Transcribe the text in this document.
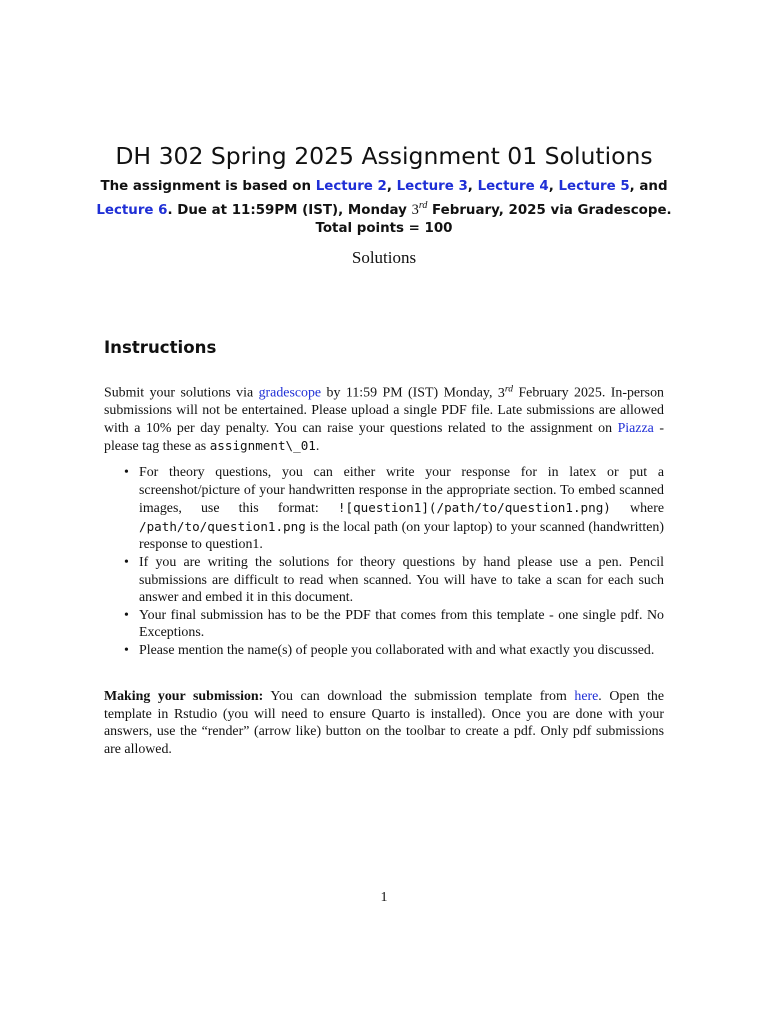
DH 302 Spring 2025 Assignment 01 Solutions

The assignment is based on Lecture 2, Lecture 3, Lecture 4, Lecture 5, and
Lecture 6. Due at 11:59PM (IST), Monday 3rd February, 2025 via Gradescope.
Total points = 100

Solutions

Instructions

Submit your solutions via gradescope by 11:59 PM (IST) Monday, 3rd February 2025. In-person submissions will not be entertained. Please upload a single PDF file. Late submissions are allowed with a 10% per day penalty. You can raise your questions related to the assignment on Piazza - please tag these as assignment\_01.

• For theory questions, you can either write your response for in latex or put a screenshot/picture of your handwritten response in the appropriate section. To embed scanned images, use this format: ![question1](/path/to/question1.png) where /path/to/question1.png is the local path (on your laptop) to your scanned (handwritten) response to question1.
• If you are writing the solutions for theory questions by hand please use a pen. Pencil submissions are difficult to read when scanned. You will have to take a scan for each such answer and embed it in this document.
• Your final submission has to be the PDF that comes from this template - one single pdf. No Exceptions.
• Please mention the name(s) of people you collaborated with and what exactly you discussed.

Making your submission: You can download the submission template from here. Open the template in Rstudio (you will need to ensure Quarto is installed). Once you are done with your answers, use the “render” (arrow like) button on the toolbar to create a pdf. Only pdf submissions are allowed.

1
